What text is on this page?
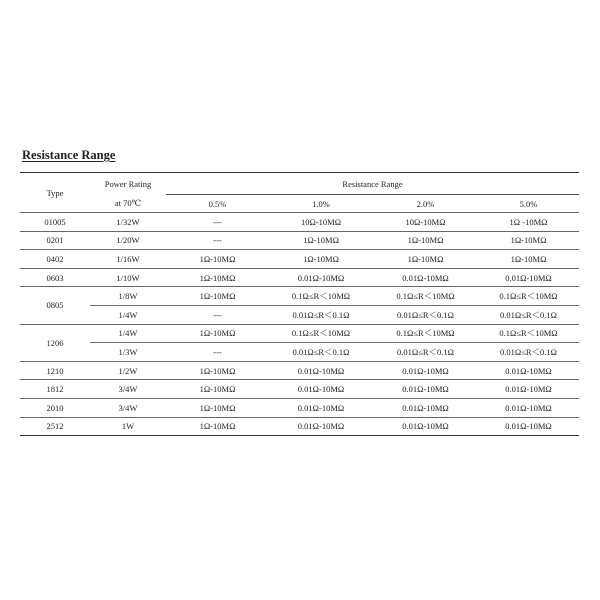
Resistance Range
Type	Power Rating	Resistance Range			
	at 70℃	0.5%	1.0%	2.0%	5.0%
01005	1/32W	---	10Ω-10MΩ	10Ω-10MΩ	1Ω -10MΩ
0201	1/20W	---	1Ω-10MΩ	1Ω-10MΩ	1Ω-10MΩ
0402	1/16W	1Ω-10MΩ	1Ω-10MΩ	1Ω-10MΩ	1Ω-10MΩ
0603	1/10W	1Ω-10MΩ	0.01Ω-10MΩ	0.01Ω-10MΩ	0.01Ω-10MΩ
0805	1/8W	1Ω-10MΩ	0.1Ω≤R＜10MΩ	0.1Ω≤R＜10MΩ	0.1Ω≤R＜10MΩ
	1/4W	---	0.01Ω≤R＜0.1Ω	0.01Ω≤R＜0.1Ω	0.01Ω≤R＜0.1Ω
1206	1/4W	1Ω-10MΩ	0.1Ω≤R＜10MΩ	0.1Ω≤R＜10MΩ	0.1Ω≤R＜10MΩ
	1/3W	---	0.01Ω≤R＜0.1Ω	0.01Ω≤R＜0.1Ω	0.01Ω≤R＜0.1Ω
1210	1/2W	1Ω-10MΩ	0.01Ω-10MΩ	0.01Ω-10MΩ	0.01Ω-10MΩ
1812	3/4W	1Ω-10MΩ	0.01Ω-10MΩ	0.01Ω-10MΩ	0.01Ω-10MΩ
2010	3/4W	1Ω-10MΩ	0.01Ω-10MΩ	0.01Ω-10MΩ	0.01Ω-10MΩ
2512	1W	1Ω-10MΩ	0.01Ω-10MΩ	0.01Ω-10MΩ	0.01Ω-10MΩ
